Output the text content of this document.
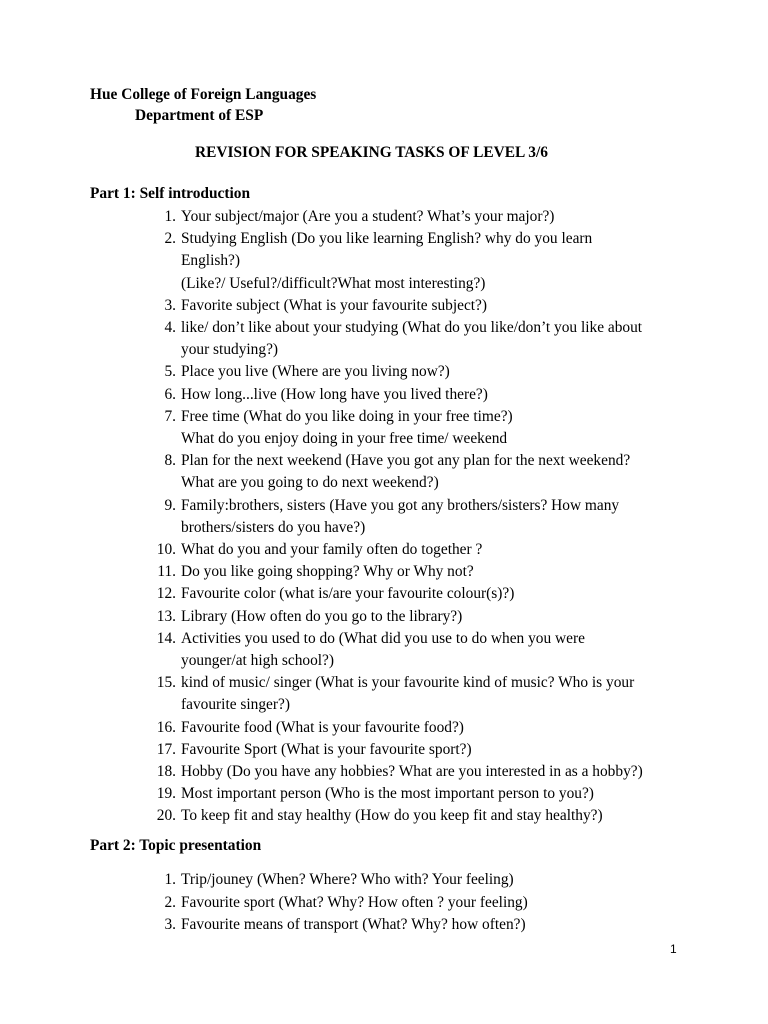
Hue College of Foreign Languages
Department of ESP
REVISION FOR SPEAKING TASKS OF LEVEL 3/6
Part 1: Self introduction
1. Your subject/major (Are you a student? What’s your major?)
2. Studying English (Do you like learning English? why do you learn
English?)
(Like?/ Useful?/difficult?What most interesting?)
3. Favorite subject (What is your favourite subject?)
4. like/ don’t like about your studying (What do you like/don’t you like about
your studying?)
5. Place you live (Where are you living now?)
6. How long...live (How long have you lived there?)
7. Free time (What do you like doing in your free time?)
What do you enjoy doing in your free time/ weekend
8. Plan for the next weekend (Have you got any plan for the next weekend?
What are you going to do next weekend?)
9. Family:brothers, sisters (Have you got any brothers/sisters? How many
brothers/sisters do you have?)
10. What do you and your family often do together ?
11. Do you like going shopping? Why or Why not?
12. Favourite color (what is/are your favourite colour(s)?)
13. Library (How often do you go to the library?)
14. Activities you used to do (What did you use to do when you were
younger/at high school?)
15. kind of music/ singer (What is your favourite kind of music? Who is your
favourite singer?)
16. Favourite food (What is your favourite food?)
17. Favourite Sport (What is your favourite sport?)
18. Hobby (Do you have any hobbies? What are you interested in as a hobby?)
19. Most important person (Who is the most important person to you?)
20. To keep fit and stay healthy (How do you keep fit and stay healthy?)
Part 2: Topic presentation
1. Trip/jouney (When? Where? Who with? Your feeling)
2. Favourite sport (What? Why? How often ? your feeling)
3. Favourite means of transport (What? Why? how often?)
1
